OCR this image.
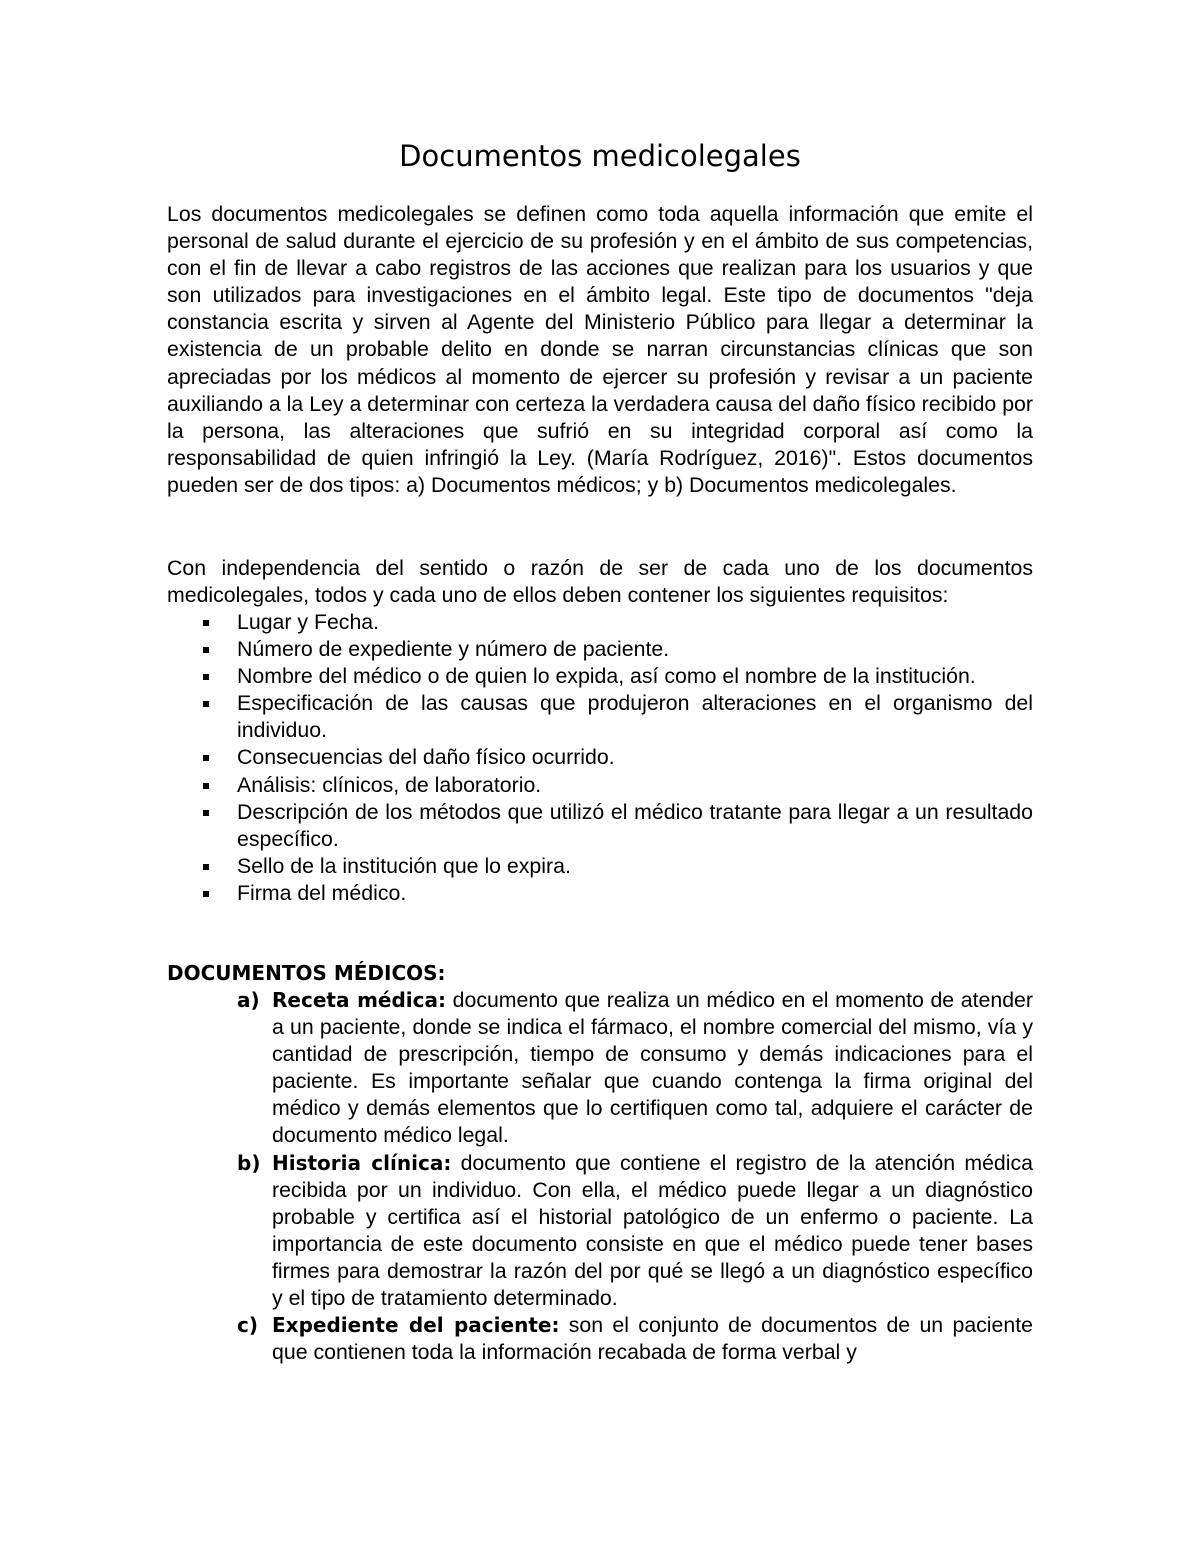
Documentos medicolegales

Los documentos medicolegales se definen como toda aquella información que emite el personal de salud durante el ejercicio de su profesión y en el ámbito de sus competencias, con el fin de llevar a cabo registros de las acciones que realizan para los usuarios y que son utilizados para investigaciones en el ámbito legal. Este tipo de documentos "deja constancia escrita y sirven al Agente del Ministerio Público para llegar a determinar la existencia de un probable delito en donde se narran circunstancias clínicas que son apreciadas por los médicos al momento de ejercer su profesión y revisar a un paciente auxiliando a la Ley a determinar con certeza la verdadera causa del daño físico recibido por la persona, las alteraciones que sufrió en su integridad corporal así como la responsabilidad de quien infringió la Ley. (María Rodríguez, 2016)". Estos documentos pueden ser de dos tipos: a) Documentos médicos; y b) Documentos medicolegales.

Con independencia del sentido o razón de ser de cada uno de los documentos medicolegales, todos y cada uno de ellos deben contener los siguientes requisitos:

Lugar y Fecha.
Número de expediente y número de paciente.
Nombre del médico o de quien lo expida, así como el nombre de la institución.
Especificación de las causas que produjeron alteraciones en el organismo del individuo.
Consecuencias del daño físico ocurrido.
Análisis: clínicos, de laboratorio.
Descripción de los métodos que utilizó el médico tratante para llegar a un resultado específico.
Sello de la institución que lo expira.
Firma del médico.
DOCUMENTOS MÉDICOS:
a) Receta médica: documento que realiza un médico en el momento de atender a un paciente, donde se indica el fármaco, el nombre comercial del mismo, vía y cantidad de prescripción, tiempo de consumo y demás indicaciones para el paciente. Es importante señalar que cuando contenga la firma original del médico y demás elementos que lo certifiquen como tal, adquiere el carácter de documento médico legal.
b) Historia clínica: documento que contiene el registro de la atención médica recibida por un individuo. Con ella, el médico puede llegar a un diagnóstico probable y certifica así el historial patológico de un enfermo o paciente. La importancia de este documento consiste en que el médico puede tener bases firmes para demostrar la razón del por qué se llegó a un diagnóstico específico y el tipo de tratamiento determinado.
c) Expediente del paciente: son el conjunto de documentos de un paciente que contienen toda la información recabada de forma verbal y
